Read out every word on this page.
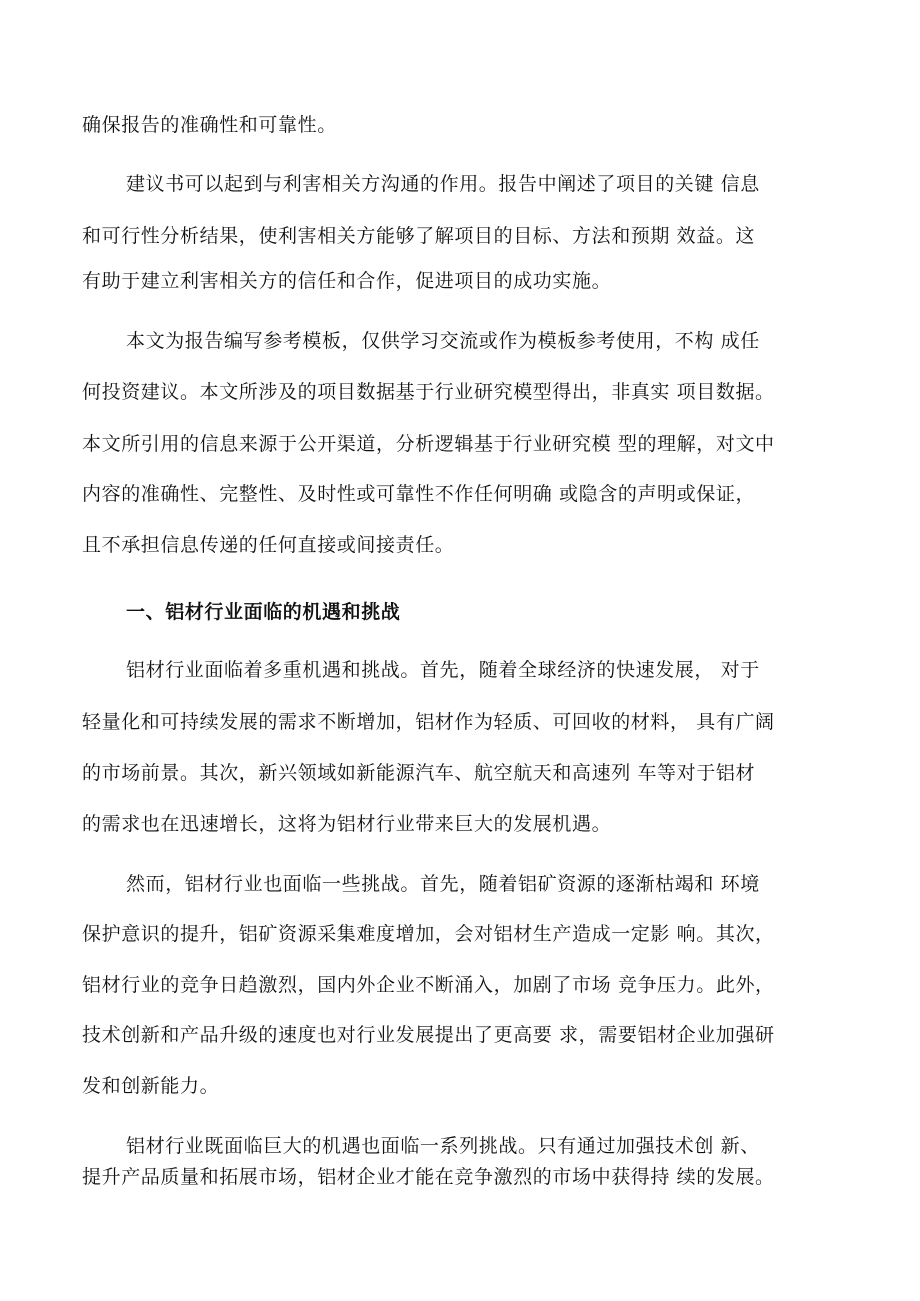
确保报告的准确性和可靠性。
建议书可以起到与利害相关方沟通的作用。报告中阐述了项目的关键 信息
和可行性分析结果，使利害相关方能够了解项目的目标、方法和预期 效益。这
有助于建立利害相关方的信任和合作，促进项目的成功实施。
本文为报告编写参考模板，仅供学习交流或作为模板参考使用，不构 成任
何投资建议。本文所涉及的项目数据基于行业研究模型得出，非真实 项目数据。
本文所引用的信息来源于公开渠道，分析逻辑基于行业研究模 型的理解，对文中
内容的准确性、完整性、及时性或可靠性不作任何明确 或隐含的声明或保证，
且不承担信息传递的任何直接或间接责任。
一、铝材行业面临的机遇和挑战
铝材行业面临着多重机遇和挑战。首先，随着全球经济的快速发展， 对于
轻量化和可持续发展的需求不断增加，铝材作为轻质、可回收的材料， 具有广阔
的市场前景。其次，新兴领域如新能源汽车、航空航天和高速列 车等对于铝材
的需求也在迅速增长，这将为铝材行业带来巨大的发展机遇。
然而，铝材行业也面临一些挑战。首先，随着铝矿资源的逐渐枯竭和 环境
保护意识的提升，铝矿资源采集难度增加，会对铝材生产造成一定影 响。其次，
铝材行业的竞争日趋激烈，国内外企业不断涌入，加剧了市场 竞争压力。此外，
技术创新和产品升级的速度也对行业发展提出了更高要 求，需要铝材企业加强研
发和创新能力。
铝材行业既面临巨大的机遇也面临一系列挑战。只有通过加强技术创 新、
提升产品质量和拓展市场，铝材企业才能在竞争激烈的市场中获得持 续的发展。
